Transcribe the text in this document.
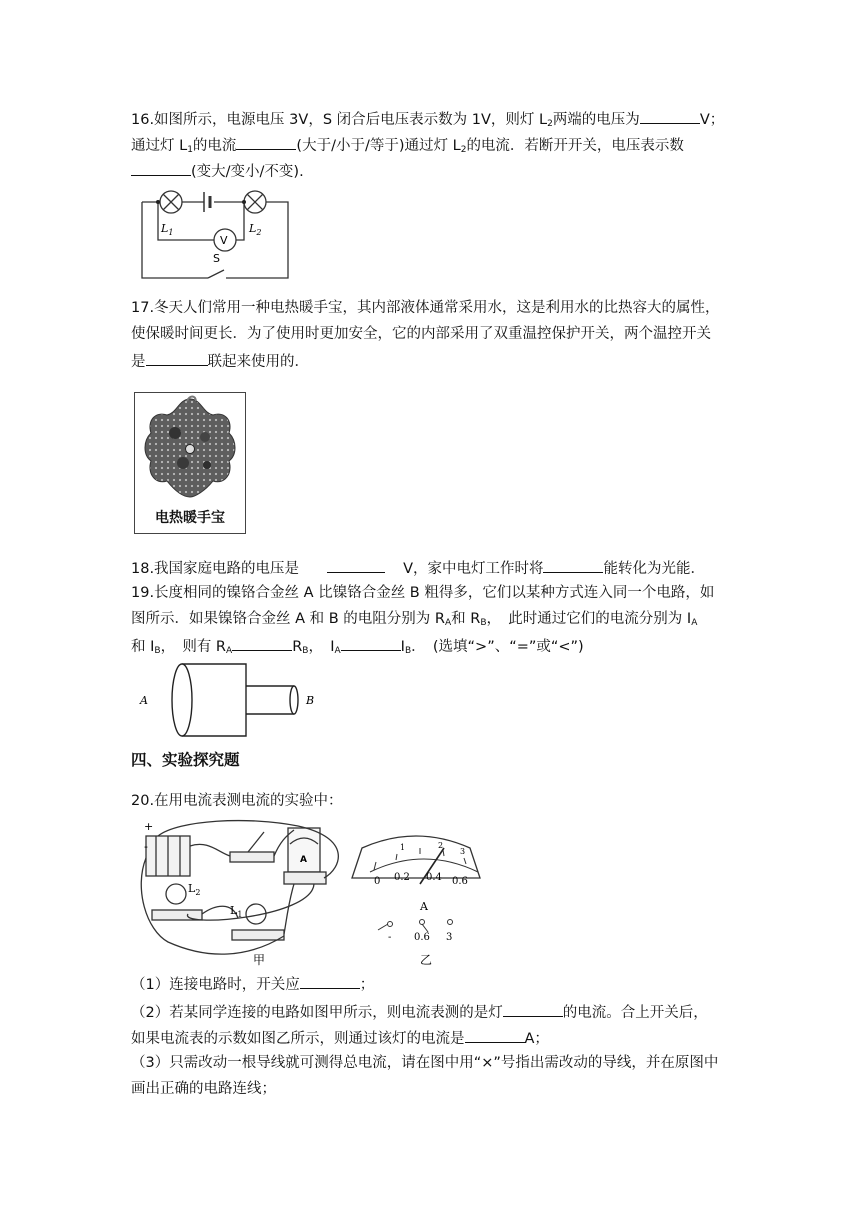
16.如图所示，电源电压 3V，S 闭合后电压表示数为 1V，则灯 $L_2$两端的电压为	V；
通过灯 $L_1$的电流	(大于/小于/等于)通过灯 $L_2$的电流．若断开开关，电压表示数
(变大/变小/不变).
$L_1$	$L_2$
V
S
17.冬天人们常用一种电热暖手宝，其内部液体通常采用水，这是利用水的比热容大的属性，
使保暖时间更长．为了使用时更加安全，它的内部采用了双重温控保护开关，两个温控开关
是	联起来使用的．
电热暖手宝
18.我国家庭电路的电压是	V，家中电灯工作时将	能转化为光能．
19.长度相同的镍铬合金丝 A 比镍铬合金丝 B 粗得多，它们以某种方式连入同一个电路，如
图所示．如果镍铬合金丝 A 和 B 的电阻分别为 $R_A$和 $R_B$，　此时通过它们的电流分别为 $I_A$
和 $I_B$，　则有 $R_A$	$R_B$，　$I_A$	$I_B$．　(选填“>”、“=”或“<”)
A	B
四、实验探究题
20.在用电流表测电流的实验中：
+
-
A
$L_2$
$L_1$
甲
0 0.2 0.4 0.6
1	2
3
A
- 0.6 3
乙
（1）连接电路时，开关应	；
（2）若某同学连接的电路如图甲所示，则电流表测的是灯	的电流。合上开关后，
如果电流表的示数如图乙所示，则通过该灯的电流是	A；
（3）只需改动一根导线就可测得总电流，请在图中用“×”号指出需改动的导线，并在原图中
画出正确的电路连线；
